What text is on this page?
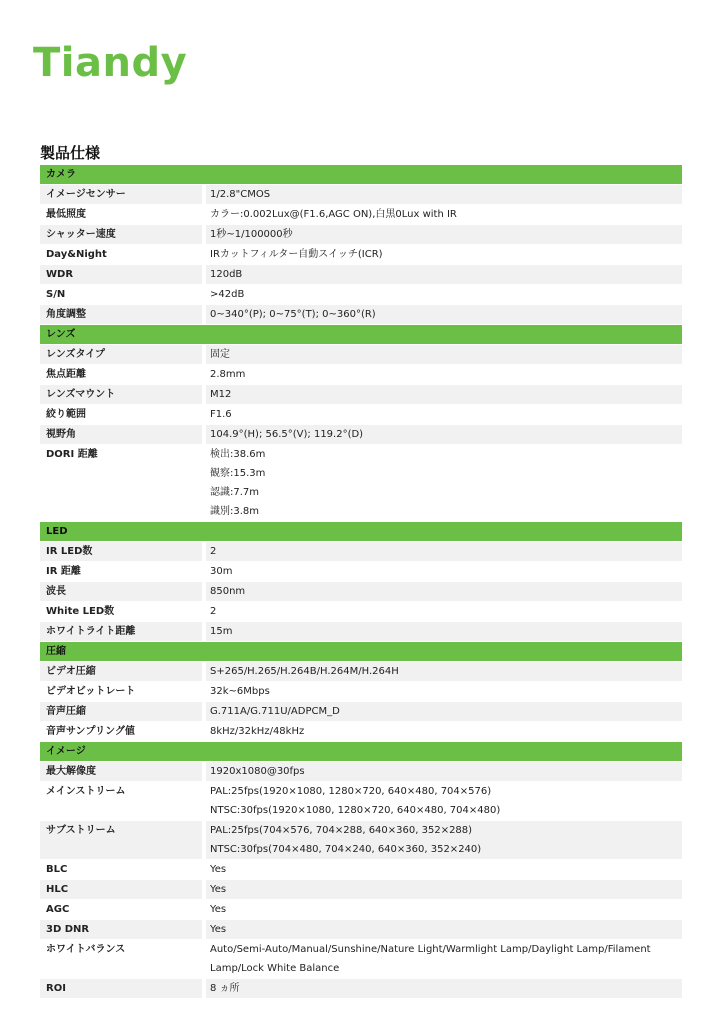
Tiandy
製品仕様
カメラ
イメージセンサー	1/2.8"CMOS
最低照度	カラー:0.002Lux@(F1.6,AGC ON),白黒0Lux with IR
シャッター速度	1秒~1/100000秒
Day&Night	IRカットフィルター自動スイッチ(ICR)
WDR	120dB
S/N	>42dB
角度調整	0~340°(P); 0~75°(T); 0~360°(R)
レンズ
レンズタイプ	固定
焦点距離	2.8mm
レンズマウント	M12
絞り範囲	F1.6
視野角	104.9°(H); 56.5°(V); 119.2°(D)
DORI 距離	検出:38.6m
観察:15.3m
認識:7.7m
識別:3.8m
LED
IR LED数	2
IR 距離	30m
波長	850nm
White LED数	2
ホワイトライト距離	15m
圧縮
ビデオ圧縮	S+265/H.265/H.264B/H.264M/H.264H
ビデオビットレート	32k~6Mbps
音声圧縮	G.711A/G.711U/ADPCM_D
音声サンプリング値	8kHz/32kHz/48kHz
イメージ
最大解像度	1920x1080@30fps
メインストリーム	PAL:25fps(1920×1080, 1280×720, 640×480, 704×576)
NTSC:30fps(1920×1080, 1280×720, 640×480, 704×480)
サブストリーム	PAL:25fps(704×576, 704×288, 640×360, 352×288)
NTSC:30fps(704×480, 704×240, 640×360, 352×240)
BLC	Yes
HLC	Yes
AGC	Yes
3D DNR	Yes
ホワイトバランス	Auto/Semi-Auto/Manual/Sunshine/Nature Light/Warmlight Lamp/Daylight Lamp/Filament
Lamp/Lock White Balance
ROI	8 ヵ所
